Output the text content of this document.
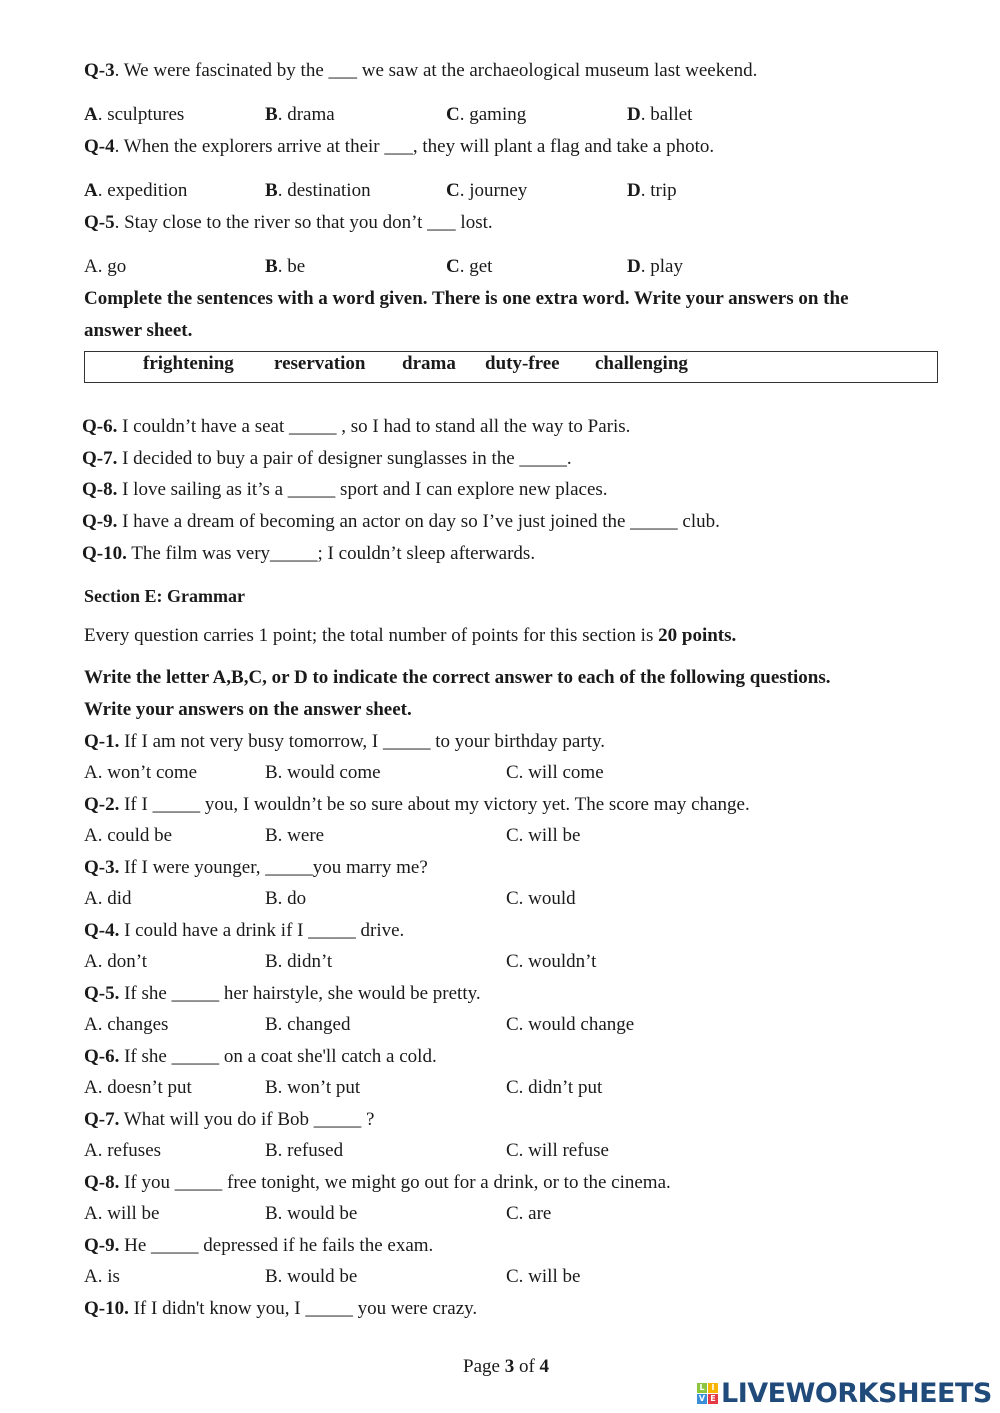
Q-3. We were fascinated by the ___ we saw at the archaeological museum last weekend.
A. sculptures	B. drama	C. gaming	D. ballet
Q-4. When the explorers arrive at their ___, they will plant a flag and take a photo.
A. expedition	B. destination	C. journey	D. trip
Q-5. Stay close to the river so that you don’t ___ lost.
A. go	B. be	C. get	D. play
Complete the sentences with a word given. There is one extra word. Write your answers on the
answer sheet.
frightening reservation drama duty-free challenging
Q-6. I couldn’t have a seat _____ , so I had to stand all the way to Paris.
Q-7. I decided to buy a pair of designer sunglasses in the _____.
Q-8. I love sailing as it’s a _____ sport and I can explore new places.
Q-9. I have a dream of becoming an actor on day so I’ve just joined the _____ club.
Q-10. The film was very_____; I couldn’t sleep afterwards.
Section E: Grammar
Every question carries 1 point; the total number of points for this section is 20 points.
Write the letter A,B,C, or D to indicate the correct answer to each of the following questions.
Write your answers on the answer sheet.
Q-1. If I am not very busy tomorrow, I _____ to your birthday party.
A. won’t come	B. would come	C. will come
Q-2. If I _____ you, I wouldn’t be so sure about my victory yet. The score may change.
A. could be	B. were	C. will be
Q-3. If I were younger, _____you marry me?
A. did	B. do	C. would
Q-4. I could have a drink if I _____ drive.
A. don’t	B. didn’t	C. wouldn’t
Q-5. If she _____ her hairstyle, she would be pretty.
A. changes	B. changed	C. would change
Q-6. If she _____ on a coat she'll catch a cold.
A. doesn’t put	B. won’t put	C. didn’t put
Q-7. What will you do if Bob _____ ?
A. refuses	B. refused	C. will refuse
Q-8. If you _____ free tonight, we might go out for a drink, or to the cinema.
A. will be	B. would be	C. are
Q-9. He _____ depressed if he fails the exam.
A. is	B. would be	C. will be
Q-10. If I didn't know you, I _____ you were crazy.
Page 3 of 4
L I
V E LIVEWORKSHEETS
